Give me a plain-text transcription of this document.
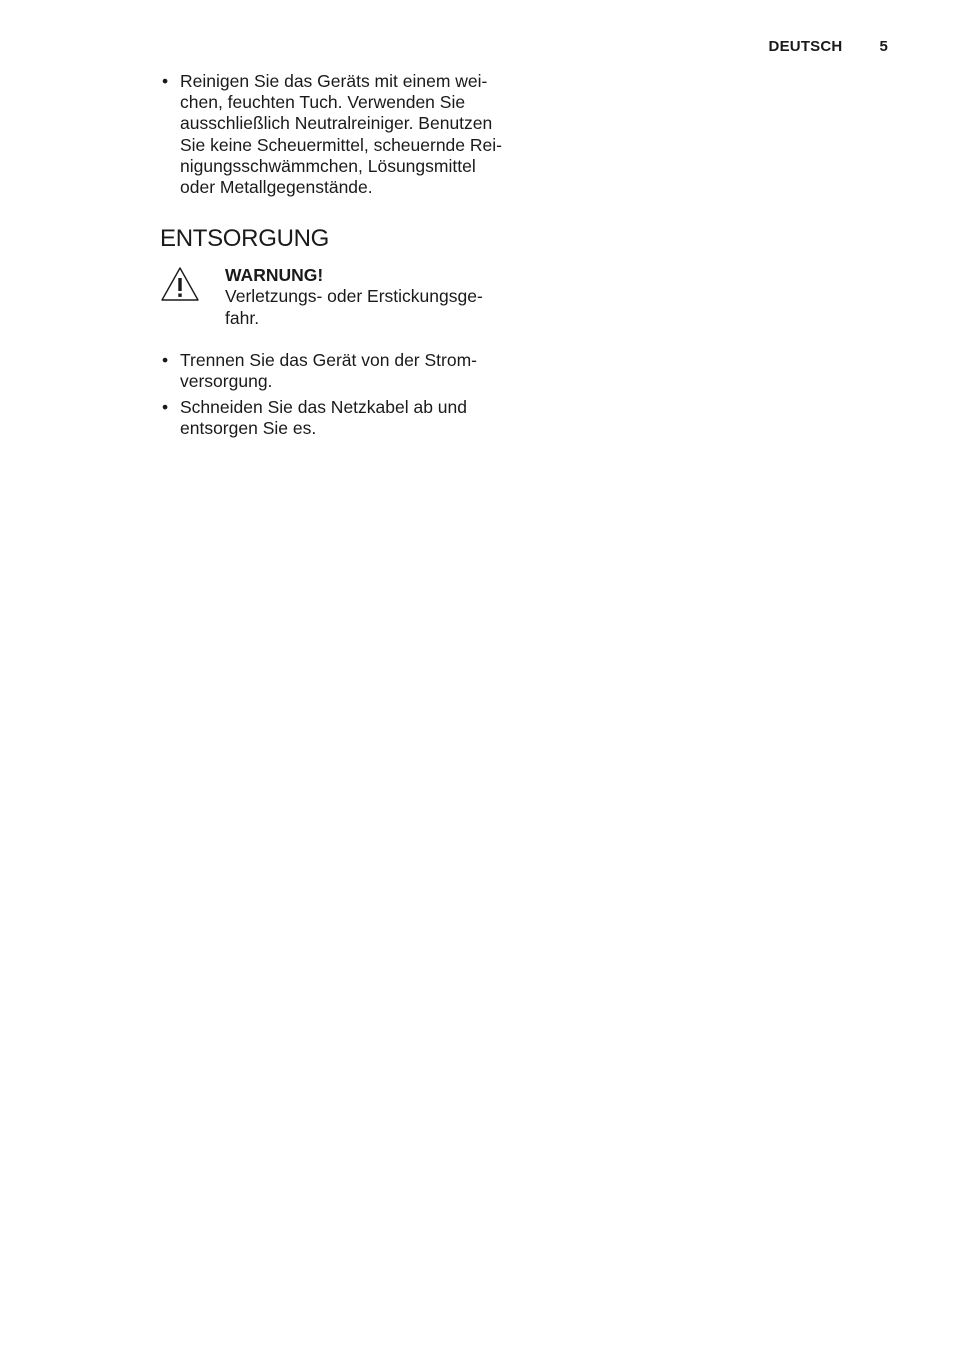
DEUTSCH 5
• Reinigen Sie das Geräts mit einem wei-
chen, feuchten Tuch. Verwenden Sie
ausschließlich Neutralreiniger. Benutzen
Sie keine Scheuermittel, scheuernde Rei-
nigungsschwämmchen, Lösungsmittel
oder Metallgegenstände.
ENTSORGUNG
WARNUNG!
Verletzungs- oder Erstickungsge-
fahr.
• Trennen Sie das Gerät von der Strom-
versorgung.
• Schneiden Sie das Netzkabel ab und
entsorgen Sie es.
